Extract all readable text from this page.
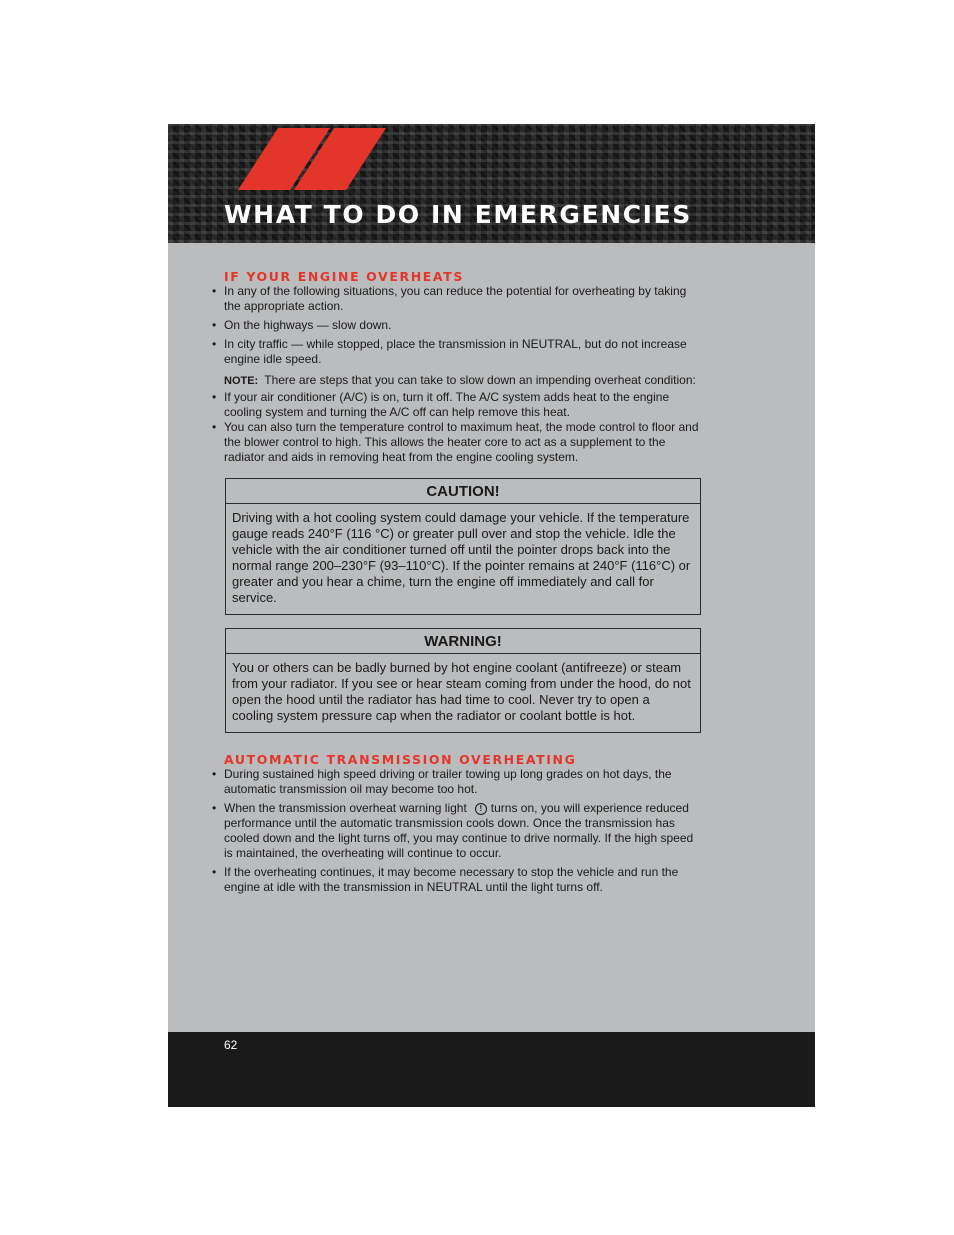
WHAT TO DO IN EMERGENCIES
IF YOUR ENGINE OVERHEATS
• In any of the following situations, you can reduce the potential for overheating by taking the appropriate action.
• On the highways — slow down.
• In city traffic — while stopped, place the transmission in NEUTRAL, but do not increase engine idle speed.

NOTE: There are steps that you can take to slow down an impending overheat condition:

• If your air conditioner (A/C) is on, turn it off. The A/C system adds heat to the engine cooling system and turning the A/C off can help remove this heat.
• You can also turn the temperature control to maximum heat, the mode control to floor and the blower control to high. This allows the heater core to act as a supplement to the radiator and aids in removing heat from the engine cooling system.
CAUTION!
Driving with a hot cooling system could damage your vehicle. If the temperature gauge reads 240°F (116 °C) or greater pull over and stop the vehicle. Idle the vehicle with the air conditioner turned off until the pointer drops back into the normal range 200–230°F (93–110°C). If the pointer remains at 240°F (116°C) or greater and you hear a chime, turn the engine off immediately and call for service.
WARNING!
You or others can be badly burned by hot engine coolant (antifreeze) or steam from your radiator. If you see or hear steam coming from under the hood, do not open the hood until the radiator has had time to cool. Never try to open a cooling system pressure cap when the radiator or coolant bottle is hot.
AUTOMATIC TRANSMISSION OVERHEATING
• During sustained high speed driving or trailer towing up long grades on hot days, the automatic transmission oil may become too hot.
• When the transmission overheat warning light ! turns on, you will experience reduced performance until the automatic transmission cools down. Once the transmission has cooled down and the light turns off, you may continue to drive normally. If the high speed is maintained, the overheating will continue to occur.
• If the overheating continues, it may become necessary to stop the vehicle and run the engine at idle with the transmission in NEUTRAL until the light turns off.
62
